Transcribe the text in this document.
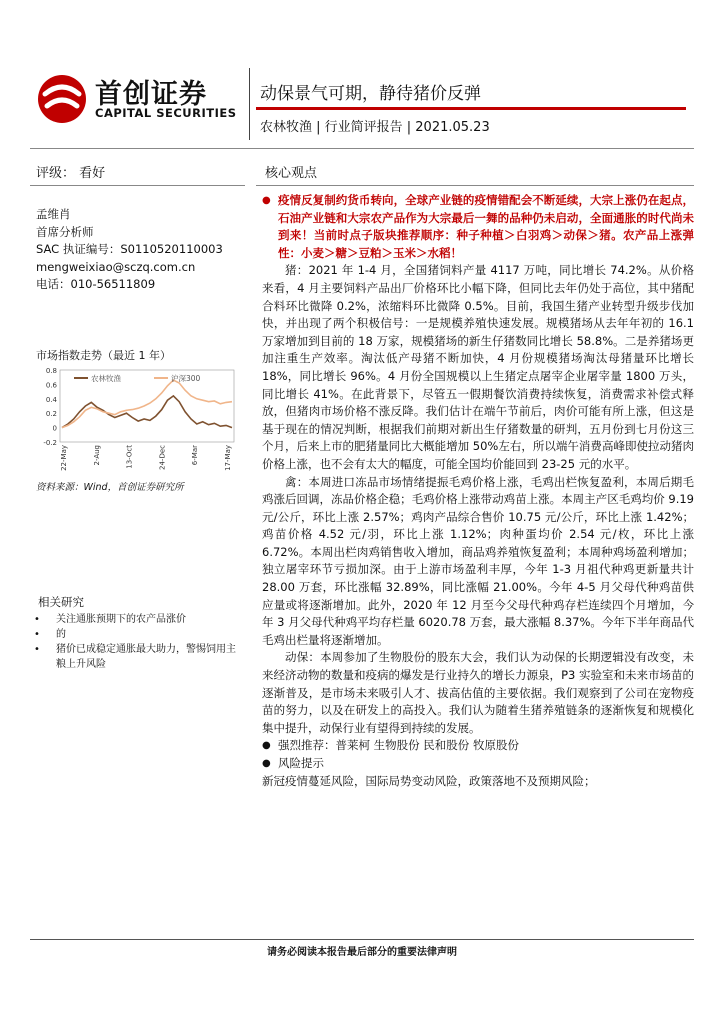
首创证券
CAPITAL SECURITIES
动保景气可期，静待猪价反弹
农林牧渔 | 行业简评报告 | 2021.05.23
评级： 看好	核心观点
孟维肖
首席分析师
SAC 执证编号：S0110520110003
mengweixiao@sczq.com.cn
电话：010-56511809
市场指数走势（最近 1 年）
0.8
0.6
0.4
0.2
0
-0.2
22-May	2-Aug	13-Oct	24-Dec	6-Mar	17-May
农林牧渔	沪深300
资料来源：Wind，首创证券研究所
相关研究
• 关注通胀预期下的农产品涨价
• 的
• 猪价已成稳定通胀最大助力，警惕饲用主粮上升风险

● 疫情反复制约货币转向，全球产业链的疫情错配会不断延续，大宗上涨仍在起点，石油产业链和大宗农产品作为大宗最后一舞的品种仍未启动，全面通胀的时代尚未到来！当前时点子版块推荐顺序：种子种植＞白羽鸡＞动保＞猪。农产品上涨弹性：小麦＞糖＞豆粕＞玉米＞水稻！

猪：2021 年 1-4 月，全国猪饲料产量 4117 万吨，同比增长 74.2%。从价格来看，4 月主要饲料产品出厂价格环比小幅下降，但同比去年仍处于高位，其中猪配合料环比微降 0.2%，浓缩料环比微降 0.5%。目前，我国生猪产业转型升级步伐加快，并出现了两个积极信号：一是规模养殖快速发展。规模猪场从去年年初的 16.1 万家增加到目前的 18 万家，规模猪场的新生仔猪数同比增长 58.8%。二是养猪场更加注重生产效率。淘汰低产母猪不断加快，4 月份规模猪场淘汰母猪量环比增长 18%，同比增长 96%。4 月份全国规模以上生猪定点屠宰企业屠宰量 1800 万头，同比增长 41%。在此背景下，尽管五一假期餐饮消费持续恢复，消费需求补偿式释放，但猪肉市场价格不涨反降。我们估计在端午节前后，肉价可能有所上涨，但这是基于现在的情况判断，根据我们前期对新出生仔猪数量的研判，五月份到七月份这三个月，后来上市的肥猪量同比大概能增加 50%左右，所以端午消费高峰即使拉动猪肉价格上涨，也不会有太大的幅度，可能全国均价能回到 23-25 元的水平。

禽：本周进口冻品市场情绪提振毛鸡价格上涨，毛鸡出栏恢复盈利，本周后期毛鸡涨后回调，冻品价格企稳；毛鸡价格上涨带动鸡苗上涨。本周主产区毛鸡均价 9.19 元/公斤，环比上涨 2.57%；鸡肉产品综合售价 10.75 元/公斤，环比上涨 1.42%；鸡苗价格 4.52 元/羽，环比上涨 1.12%；肉种蛋均价 2.54 元/枚，环比上涨 6.72%。本周出栏肉鸡销售收入增加，商品鸡养殖恢复盈利；本周种鸡场盈利增加；独立屠宰环节亏损加深。由于上游市场盈利丰厚，今年 1-3 月祖代种鸡更新量共计 28.00 万套，环比涨幅 32.89%，同比涨幅 21.00%。今年 4-5 月父母代种鸡苗供应量或将逐渐增加。此外，2020 年 12 月至今父母代种鸡存栏连续四个月增加，今年 3 月父母代种鸡平均存栏量 6020.78 万套，最大涨幅 8.37%。今年下半年商品代毛鸡出栏量将逐渐增加。

动保：本周参加了生物股份的股东大会，我们认为动保的长期逻辑没有改变，未来经济动物的数量和疫病的爆发是行业持久的增长力源泉，P3 实验室和未来市场苗的逐渐普及，是市场未来吸引人才、拔高估值的主要依据。我们观察到了公司在宠物疫苗的努力，以及在研发上的高投入。我们认为随着生猪养殖链条的逐渐恢复和规模化集中提升，动保行业有望得到持续的发展。

● 强烈推荐：普莱柯 生物股份 民和股份 牧原股份

● 风险提示

新冠疫情蔓延风险，国际局势变动风险，政策落地不及预期风险；

请务必阅读本报告最后部分的重要法律声明
